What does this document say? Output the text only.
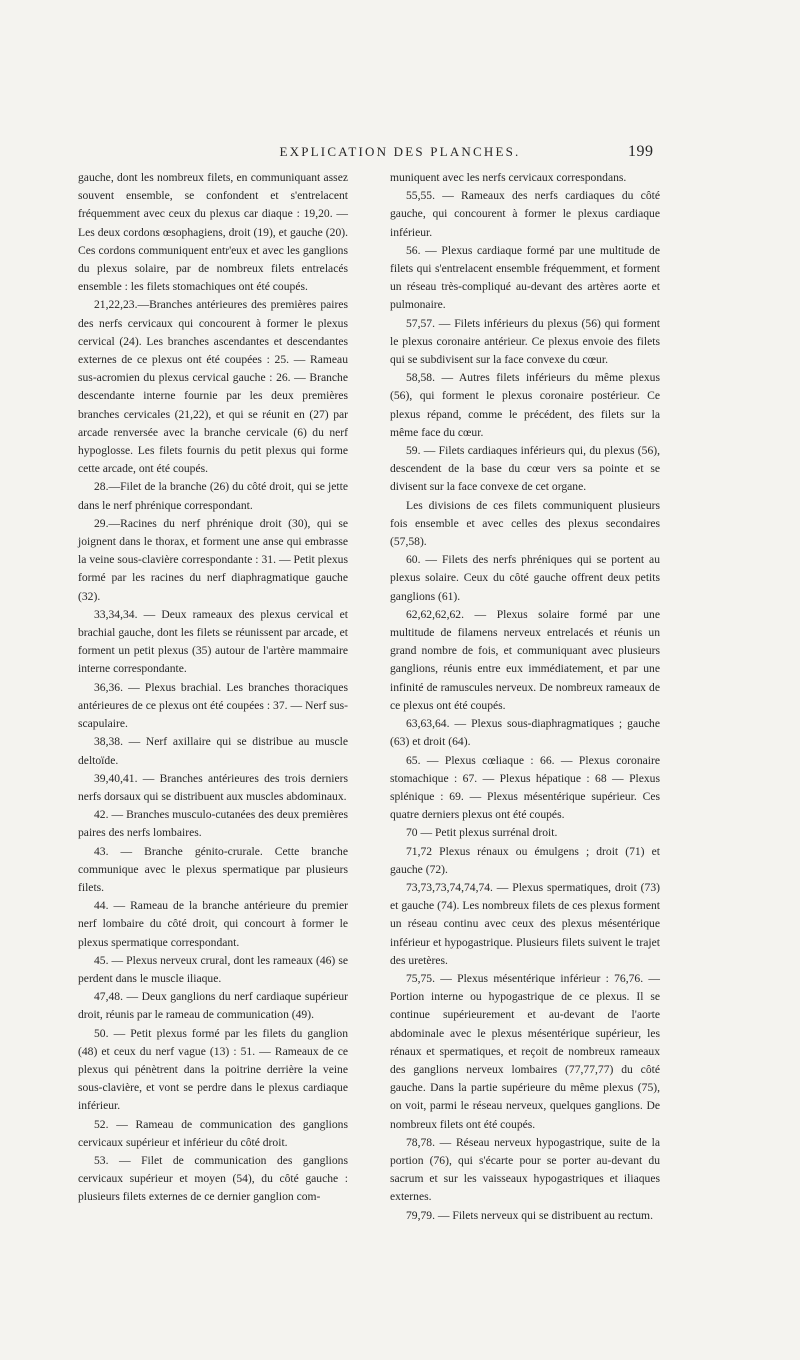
EXPLICATION DES PLANCHES.	199

gauche, dont les nombreux filets, en communiquant assez souvent ensemble, se confondent et s'entrelacent fréquemment avec ceux du plexus car diaque : 19,20. — Les deux cordons œsophagiens, droit (19), et gauche (20). Ces cordons communiquent entr'eux et avec les ganglions du plexus solaire, par de nombreux filets entrelacés ensemble : les filets stomachiques ont été coupés.

21,22,23.—Branches antérieures des premières paires des nerfs cervicaux qui concourent à former le plexus cervical (24). Les branches ascendantes et descendantes externes de ce plexus ont été coupées : 25. — Rameau sus-acromien du plexus cervical gauche : 26. — Branche descendante interne fournie par les deux premières branches cervicales (21,22), et qui se réunit en (27) par arcade renversée avec la branche cervicale (6) du nerf hypoglosse. Les filets fournis du petit plexus qui forme cette arcade, ont été coupés.

28.—Filet de la branche (26) du côté droit, qui se jette dans le nerf phrénique correspondant.

29.—Racines du nerf phrénique droit (30), qui se joignent dans le thorax, et forment une anse qui embrasse la veine sous-clavière correspondante : 31. — Petit plexus formé par les racines du nerf diaphragmatique gauche (32).

33,34,34. — Deux rameaux des plexus cervical et brachial gauche, dont les filets se réunissent par arcade, et forment un petit plexus (35) autour de l'artère mammaire interne correspondante.

36,36. — Plexus brachial. Les branches thoraciques antérieures de ce plexus ont été coupées : 37. — Nerf sus-scapulaire.

38,38. — Nerf axillaire qui se distribue au muscle deltoïde.

39,40,41. — Branches antérieures des trois derniers nerfs dorsaux qui se distribuent aux muscles abdominaux.

42. — Branches musculo-cutanées des deux premières paires des nerfs lombaires.

43. — Branche génito-crurale. Cette branche communique avec le plexus spermatique par plusieurs filets.

44. — Rameau de la branche antérieure du premier nerf lombaire du côté droit, qui concourt à former le plexus spermatique correspondant.

45. — Plexus nerveux crural, dont les rameaux (46) se perdent dans le muscle iliaque.

47,48. — Deux ganglions du nerf cardiaque supérieur droit, réunis par le rameau de communication (49).

50. — Petit plexus formé par les filets du ganglion (48) et ceux du nerf vague (13) : 51. — Rameaux de ce plexus qui pénètrent dans la poitrine derrière la veine sous-clavière, et vont se perdre dans le plexus cardiaque inférieur.

52. — Rameau de communication des ganglions cervicaux supérieur et inférieur du côté droit.

53. — Filet de communication des ganglions cervicaux supérieur et moyen (54), du côté gauche : plusieurs filets externes de ce dernier ganglion com-

muniquent avec les nerfs cervicaux correspondans.

55,55. — Rameaux des nerfs cardiaques du côté gauche, qui concourent à former le plexus cardiaque inférieur.

56. — Plexus cardiaque formé par une multitude de filets qui s'entrelacent ensemble fréquemment, et forment un réseau très-compliqué au-devant des artères aorte et pulmonaire.

57,57. — Filets inférieurs du plexus (56) qui forment le plexus coronaire antérieur. Ce plexus envoie des filets qui se subdivisent sur la face convexe du cœur.

58,58. — Autres filets inférieurs du même plexus (56), qui forment le plexus coronaire postérieur. Ce plexus répand, comme le précédent, des filets sur la même face du cœur.

59. — Filets cardiaques inférieurs qui, du plexus (56), descendent de la base du cœur vers sa pointe et se divisent sur la face convexe de cet organe.

Les divisions de ces filets communiquent plusieurs fois ensemble et avec celles des plexus secondaires (57,58).

60. — Filets des nerfs phréniques qui se portent au plexus solaire. Ceux du côté gauche offrent deux petits ganglions (61).

62,62,62,62. — Plexus solaire formé par une multitude de filamens nerveux entrelacés et réunis un grand nombre de fois, et communiquant avec plusieurs ganglions, réunis entre eux immédiatement, et par une infinité de ramuscules nerveux. De nombreux rameaux de ce plexus ont été coupés.

63,63,64. — Plexus sous-diaphragmatiques ; gauche (63) et droit (64).

65. — Plexus cœliaque : 66. — Plexus coronaire stomachique : 67. — Plexus hépatique : 68 — Plexus splénique : 69. — Plexus mésentérique supérieur. Ces quatre derniers plexus ont été coupés.

70 — Petit plexus surrénal droit.

71,72 Plexus rénaux ou émulgens ; droit (71) et gauche (72).

73,73,73,74,74,74. — Plexus spermatiques, droit (73) et gauche (74). Les nombreux filets de ces plexus forment un réseau continu avec ceux des plexus mésentérique inférieur et hypogastrique. Plusieurs filets suivent le trajet des uretères.

75,75. — Plexus mésentérique inférieur : 76,76. — Portion interne ou hypogastrique de ce plexus. Il se continue supérieurement et au-devant de l'aorte abdominale avec le plexus mésentérique supérieur, les rénaux et spermatiques, et reçoit de nombreux rameaux des ganglions nerveux lombaires (77,77,77) du côté gauche. Dans la partie supérieure du même plexus (75), on voit, parmi le réseau nerveux, quelques ganglions. De nombreux filets ont été coupés.

78,78. — Réseau nerveux hypogastrique, suite de la portion (76), qui s'écarte pour se porter au-devant du sacrum et sur les vaisseaux hypogastriques et iliaques externes.

79,79. — Filets nerveux qui se distribuent au rectum.
